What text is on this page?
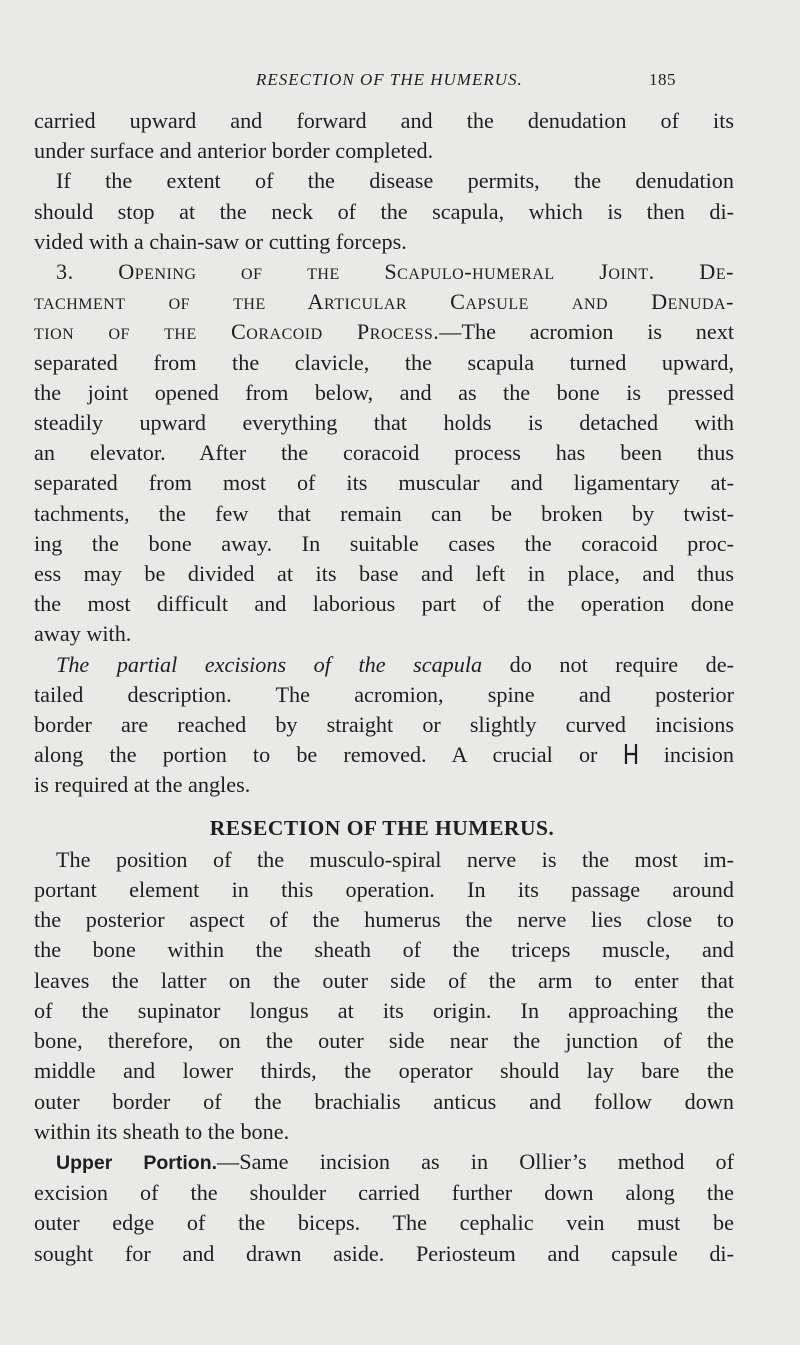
RESECTION OF THE HUMERUS.	185
carried upward and forward and the denudation of its
under surface and anterior border completed.
If the extent of the disease permits, the denudation
should stop at the neck of the scapula, which is then di-
vided with a chain-saw or cutting forceps.
3. Opening of the Scapulo-humeral Joint. De-
tachment of the Articular Capsule and Denuda-
tion of the Coracoid Process.—The acromion is next
separated from the clavicle, the scapula turned upward,
the joint opened from below, and as the bone is pressed
steadily upward everything that holds is detached with
an elevator. After the coracoid process has been thus
separated from most of its muscular and ligamentary at-
tachments, the few that remain can be broken by twist-
ing the bone away. In suitable cases the coracoid proc-
ess may be divided at its base and left in place, and thus
the most difficult and laborious part of the operation done
away with.
The partial excisions of the scapula do not require de-
tailed description. The acromion, spine and posterior
border are reached by straight or slightly curved incisions
along the portion to be removed. A crucial or  incision
is required at the angles.
RESECTION OF THE HUMERUS.
The position of the musculo-spiral nerve is the most im-
portant element in this operation. In its passage around
the posterior aspect of the humerus the nerve lies close to
the bone within the sheath of the triceps muscle, and
leaves the latter on the outer side of the arm to enter that
of the supinator longus at its origin. In approaching the
bone, therefore, on the outer side near the junction of the
middle and lower thirds, the operator should lay bare the
outer border of the brachialis anticus and follow down
within its sheath to the bone.
Upper Portion.—Same incision as in Ollier’s method of
excision of the shoulder carried further down along the
outer edge of the biceps. The cephalic vein must be
sought for and drawn aside. Periosteum and capsule di-
